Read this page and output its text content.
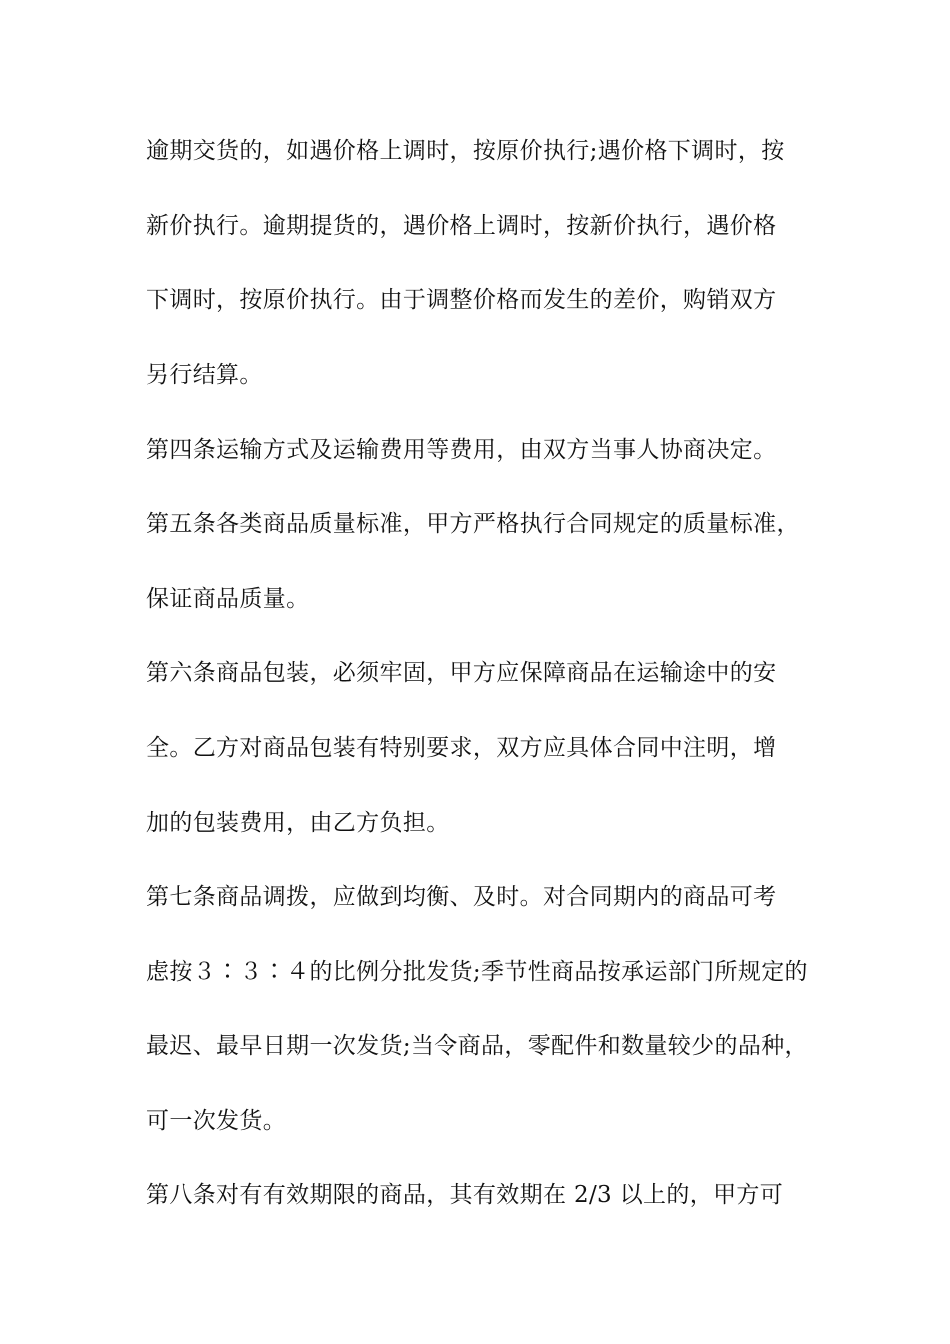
逾期交货的，如遇价格上调时，按原价执行;遇价格下调时，按
新价执行。逾期提货的，遇价格上调时，按新价执行，遇价格
下调时，按原价执行。由于调整价格而发生的差价，购销双方
另行结算。
第四条运输方式及运输费用等费用，由双方当事人协商决定。
第五条各类商品质量标准，甲方严格执行合同规定的质量标准，
保证商品质量。
第六条商品包装，必须牢固，甲方应保障商品在运输途中的安
全。乙方对商品包装有特别要求，双方应具体合同中注明，增
加的包装费用，由乙方负担。
第七条商品调拨，应做到均衡、及时。对合同期内的商品可考
虑按３∶３∶４的比例分批发货;季节性商品按承运部门所规定的
最迟、最早日期一次发货;当令商品，零配件和数量较少的品种，
可一次发货。
第八条对有有效期限的商品，其有效期在 2/3 以上的，甲方可
